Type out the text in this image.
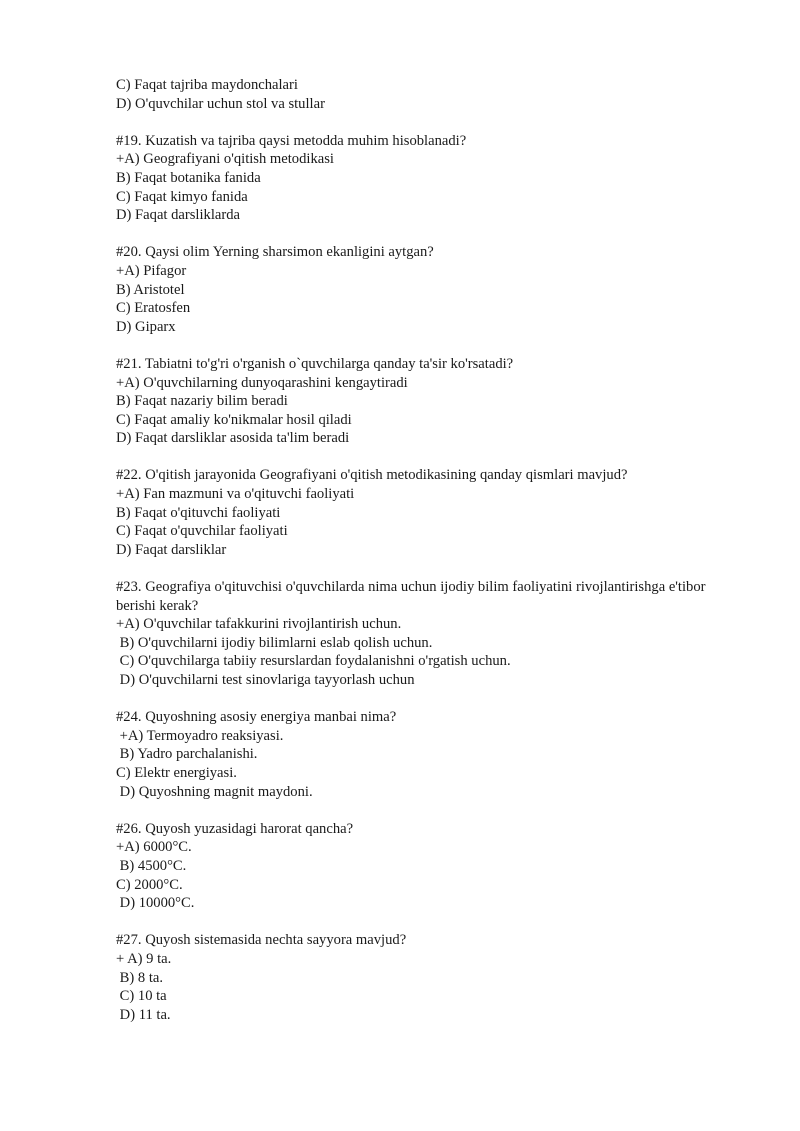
C) Faqat tajriba maydonchalari
D) O'quvchilar uchun stol va stullar
#19. Kuzatish va tajriba qaysi metodda muhim hisoblanadi?
+A) Geografiyani o'qitish metodikasi
B) Faqat botanika fanida
C) Faqat kimyo fanida
D) Faqat darsliklarda
#20. Qaysi olim Yerning sharsimon ekanligini aytgan?
+A) Pifagor
B) Aristotel
C) Eratosfen
D) Giparx
#21. Tabiatni to'g'ri o'rganish o`quvchilarga qanday ta'sir ko'rsatadi?
+A) O'quvchilarning dunyoqarashini kengaytiradi
B) Faqat nazariy bilim beradi
C) Faqat amaliy ko'nikmalar hosil qiladi
D) Faqat darsliklar asosida ta'lim beradi
#22. O'qitish jarayonida Geografiyani o'qitish metodikasining qanday qismlari mavjud?
+A) Fan mazmuni va o'qituvchi faoliyati
B) Faqat o'qituvchi faoliyati
C) Faqat o'quvchilar faoliyati
D) Faqat darsliklar
#23. Geografiya o'qituvchisi o'quvchilarda nima uchun ijodiy bilim faoliyatini rivojlantirishga e'tibor berishi kerak?
+A) O'quvchilar tafakkurini rivojlantirish uchun.
B) O'quvchilarni ijodiy bilimlarni eslab qolish uchun.
C) O'quvchilarga tabiiy resurslardan foydalanishni o'rgatish uchun.
D) O'quvchilarni test sinovlariga tayyorlash uchun
#24. Quyoshning asosiy energiya manbai nima?
+A) Termoyadro reaksiyasi.
B) Yadro parchalanishi.
C) Elektr energiyasi.
D) Quyoshning magnit maydoni.
#26. Quyosh yuzasidagi harorat qancha?
+A) 6000°C.
B) 4500°C.
C) 2000°C.
D) 10000°C.
#27. Quyosh sistemasida nechta sayyora mavjud?
+ A) 9 ta.
B) 8 ta.
C) 10 ta
D) 11 ta.
